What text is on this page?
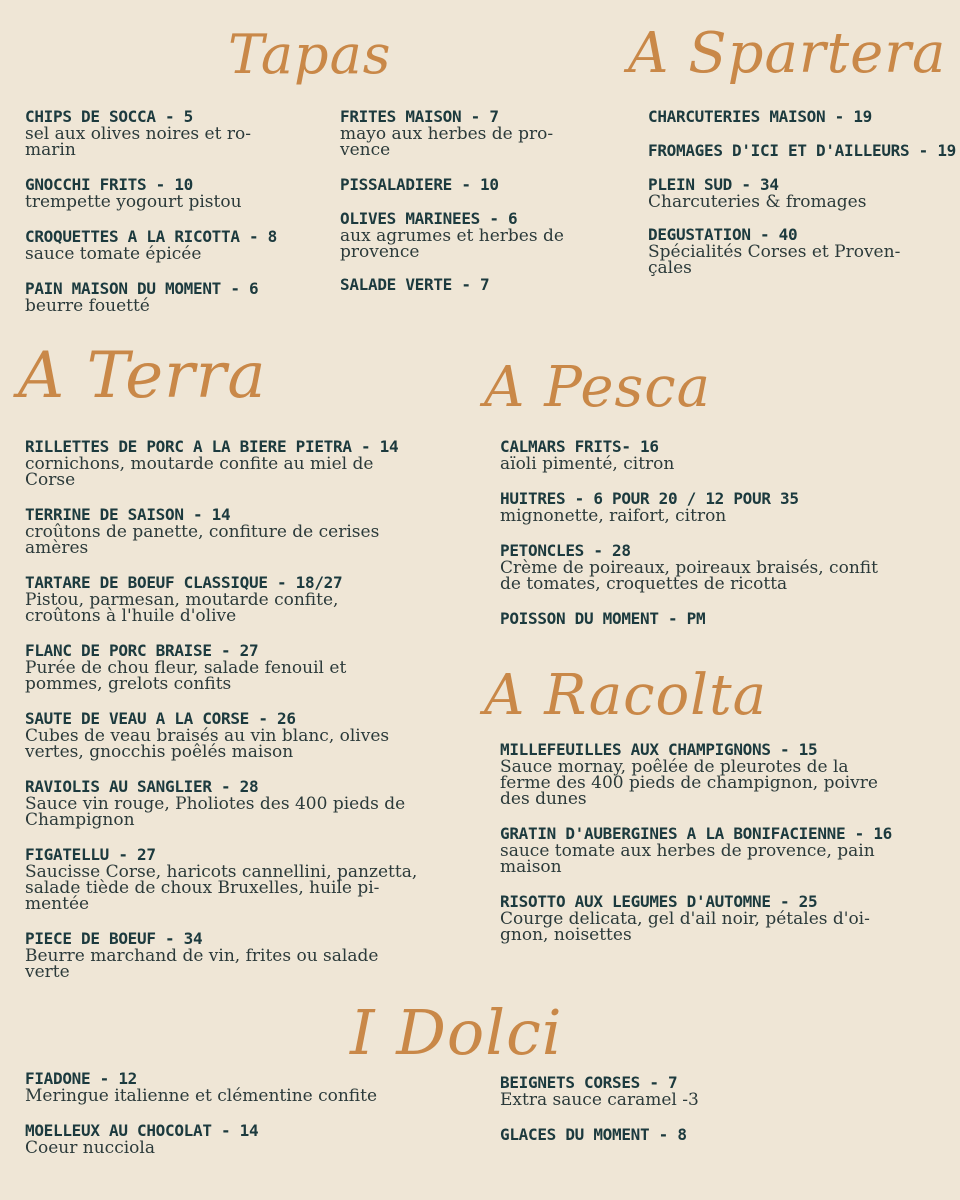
Tapas	A Spartera
A Terra	A Pesca
A Racolta
I Dolci
CHIPS DE SOCCA - 5
sel aux olives noires et ro-
marin
GNOCCHI FRITS - 10
trempette yogourt pistou
CROQUETTES A LA RICOTTA - 8
sauce tomate épicée
PAIN MAISON DU MOMENT - 6
beurre fouetté
FRITES MAISON - 7
mayo aux herbes de pro-
vence
PISSALADIERE - 10
OLIVES MARINEES - 6
aux agrumes et herbes de
provence
SALADE VERTE - 7
CHARCUTERIES MAISON - 19
FROMAGES D'ICI ET D'AILLEURS - 19
PLEIN SUD - 34
Charcuteries & fromages
DEGUSTATION - 40
Spécialités Corses et Proven-
çales
RILLETTES DE PORC A LA BIERE PIETRA - 14
cornichons, moutarde confite au miel de
Corse
TERRINE DE SAISON - 14
croûtons de panette, confiture de cerises
amères
TARTARE DE BOEUF CLASSIQUE - 18/27
Pistou, parmesan, moutarde confite,
croûtons à l'huile d'olive
FLANC DE PORC BRAISE - 27
Purée de chou fleur, salade fenouil et
pommes, grelots confits
SAUTE DE VEAU A LA CORSE - 26
Cubes de veau braisés au vin blanc, olives
vertes, gnocchis poêlés maison
RAVIOLIS AU SANGLIER - 28
Sauce vin rouge, Pholiotes des 400 pieds de
Champignon
FIGATELLU - 27
Saucisse Corse, haricots cannellini, panzetta,
salade tiède de choux Bruxelles, huile pi-
mentée
PIECE DE BOEUF - 34
Beurre marchand de vin, frites ou salade
verte
CALMARS FRITS- 16
aïoli pimenté, citron
HUITRES - 6 POUR 20 / 12 POUR 35
mignonette, raifort, citron
PETONCLES - 28
Crème de poireaux, poireaux braisés, confit
de tomates, croquettes de ricotta
POISSON DU MOMENT - PM
MILLEFEUILLES AUX CHAMPIGNONS - 15
Sauce mornay, poêlée de pleurotes de la
ferme des 400 pieds de champignon, poivre
des dunes
GRATIN D'AUBERGINES A LA BONIFACIENNE - 16
sauce tomate aux herbes de provence, pain
maison
RISOTTO AUX LEGUMES D'AUTOMNE - 25
Courge delicata, gel d'ail noir, pétales d'oi-
gnon, noisettes
FIADONE - 12
Meringue italienne et clémentine confite
MOELLEUX AU CHOCOLAT - 14
Coeur nucciola
BEIGNETS CORSES - 7
Extra sauce caramel -3
GLACES DU MOMENT - 8
